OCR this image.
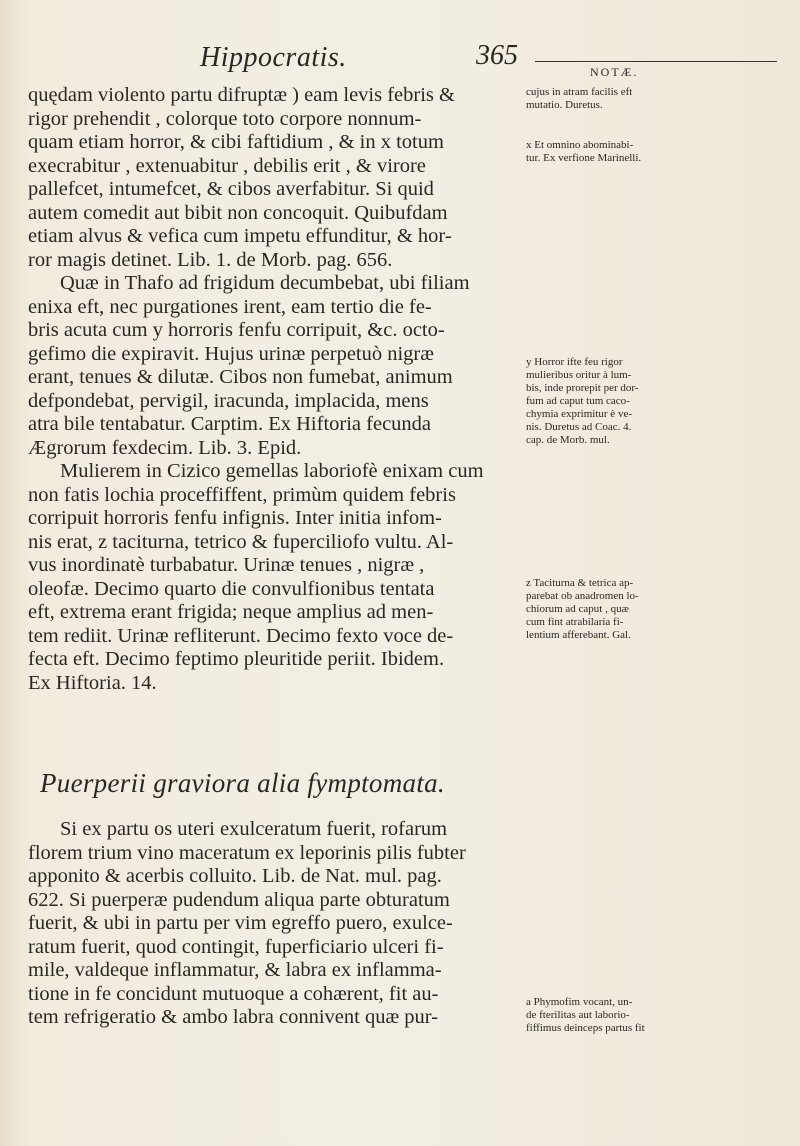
Hippocratis.	365
NOTÆ.
quędam violento partu difruptæ ) eam levis febris &
rigor prehendit , colorque toto corpore nonnum-
quam etiam horror, & cibi faftidium , & in x totum
execrabitur , extenuabitur , debilis erit , & virore
pallefcet, intumefcet, & cibos averfabitur. Si quid
autem comedit aut bibit non concoquit. Quibufdam
etiam alvus & vefica cum impetu effunditur, & hor-
ror magis detinet. Lib. 1. de Morb. pag. 656.
Quæ in Thafo ad frigidum decumbebat, ubi filiam
enixa eft, nec purgationes irent, eam tertio die fe-
bris acuta cum y horroris fenfu corripuit, &c. octo-
gefimo die expiravit. Hujus urinæ perpetuò nigræ
erant, tenues & dilutæ. Cibos non fumebat, animum
defpondebat, pervigil, iracunda, implacida, mens
atra bile tentabatur. Carptim. Ex Hiftoria fecunda
Ægrorum fexdecim. Lib. 3. Epid.
Mulierem in Cizico gemellas laboriofè enixam cum
non fatis lochia proceffiffent, primùm quidem febris
corripuit horroris fenfu infignis. Inter initia infom-
nis erat, z taciturna, tetrico & fuperciliofo vultu. Al-
vus inordinatè turbabatur. Urinæ tenues , nigræ ,
oleofæ. Decimo quarto die convulfionibus tentata
eft, extrema erant frigida; neque amplius ad men-
tem rediit. Urinæ refliterunt. Decimo fexto voce de-
fecta eft. Decimo feptimo pleuritide periit. Ibidem.
Ex Hiftoria. 14.
Puerperii graviora alia fymptomata.
Si ex partu os uteri exulceratum fuerit, rofarum
florem trium vino maceratum ex leporinis pilis fubter
apponito & acerbis colluito. Lib. de Nat. mul. pag.
622. Si puerperæ pudendum aliqua parte obturatum
fuerit, & ubi in partu per vim egreffo puero, exulce-
ratum fuerit, quod contingit, fuperficiario ulceri fi-
mile, valdeque inflammatur, & labra ex inflamma-
tione in fe concidunt mutuoque a cohærent, fit au-
tem refrigeratio & ambo labra connivent quæ pur-
cujus in atram facilis eft
mutatio. Duretus.
x Et omnino abominabi-
tur. Ex verfione Marinelli.
y Horror ifte feu rigor
mulieribus oritur à lum-
bis, inde prorepit per dor-
fum ad caput tum caco-
chymia exprimitur è ve-
nis. Duretus ad Coac. 4.
cap. de Morb. mul.
z Taciturna & tetrica ap-
parebat ob anadromen lo-
chiorum ad caput , quæ
cum fint atrabilaria fi-
lentium afferebant. Gal.
a Phymofim vocant, un-
de fterilitas aut laborio-
fiffimus deinceps partus fit
